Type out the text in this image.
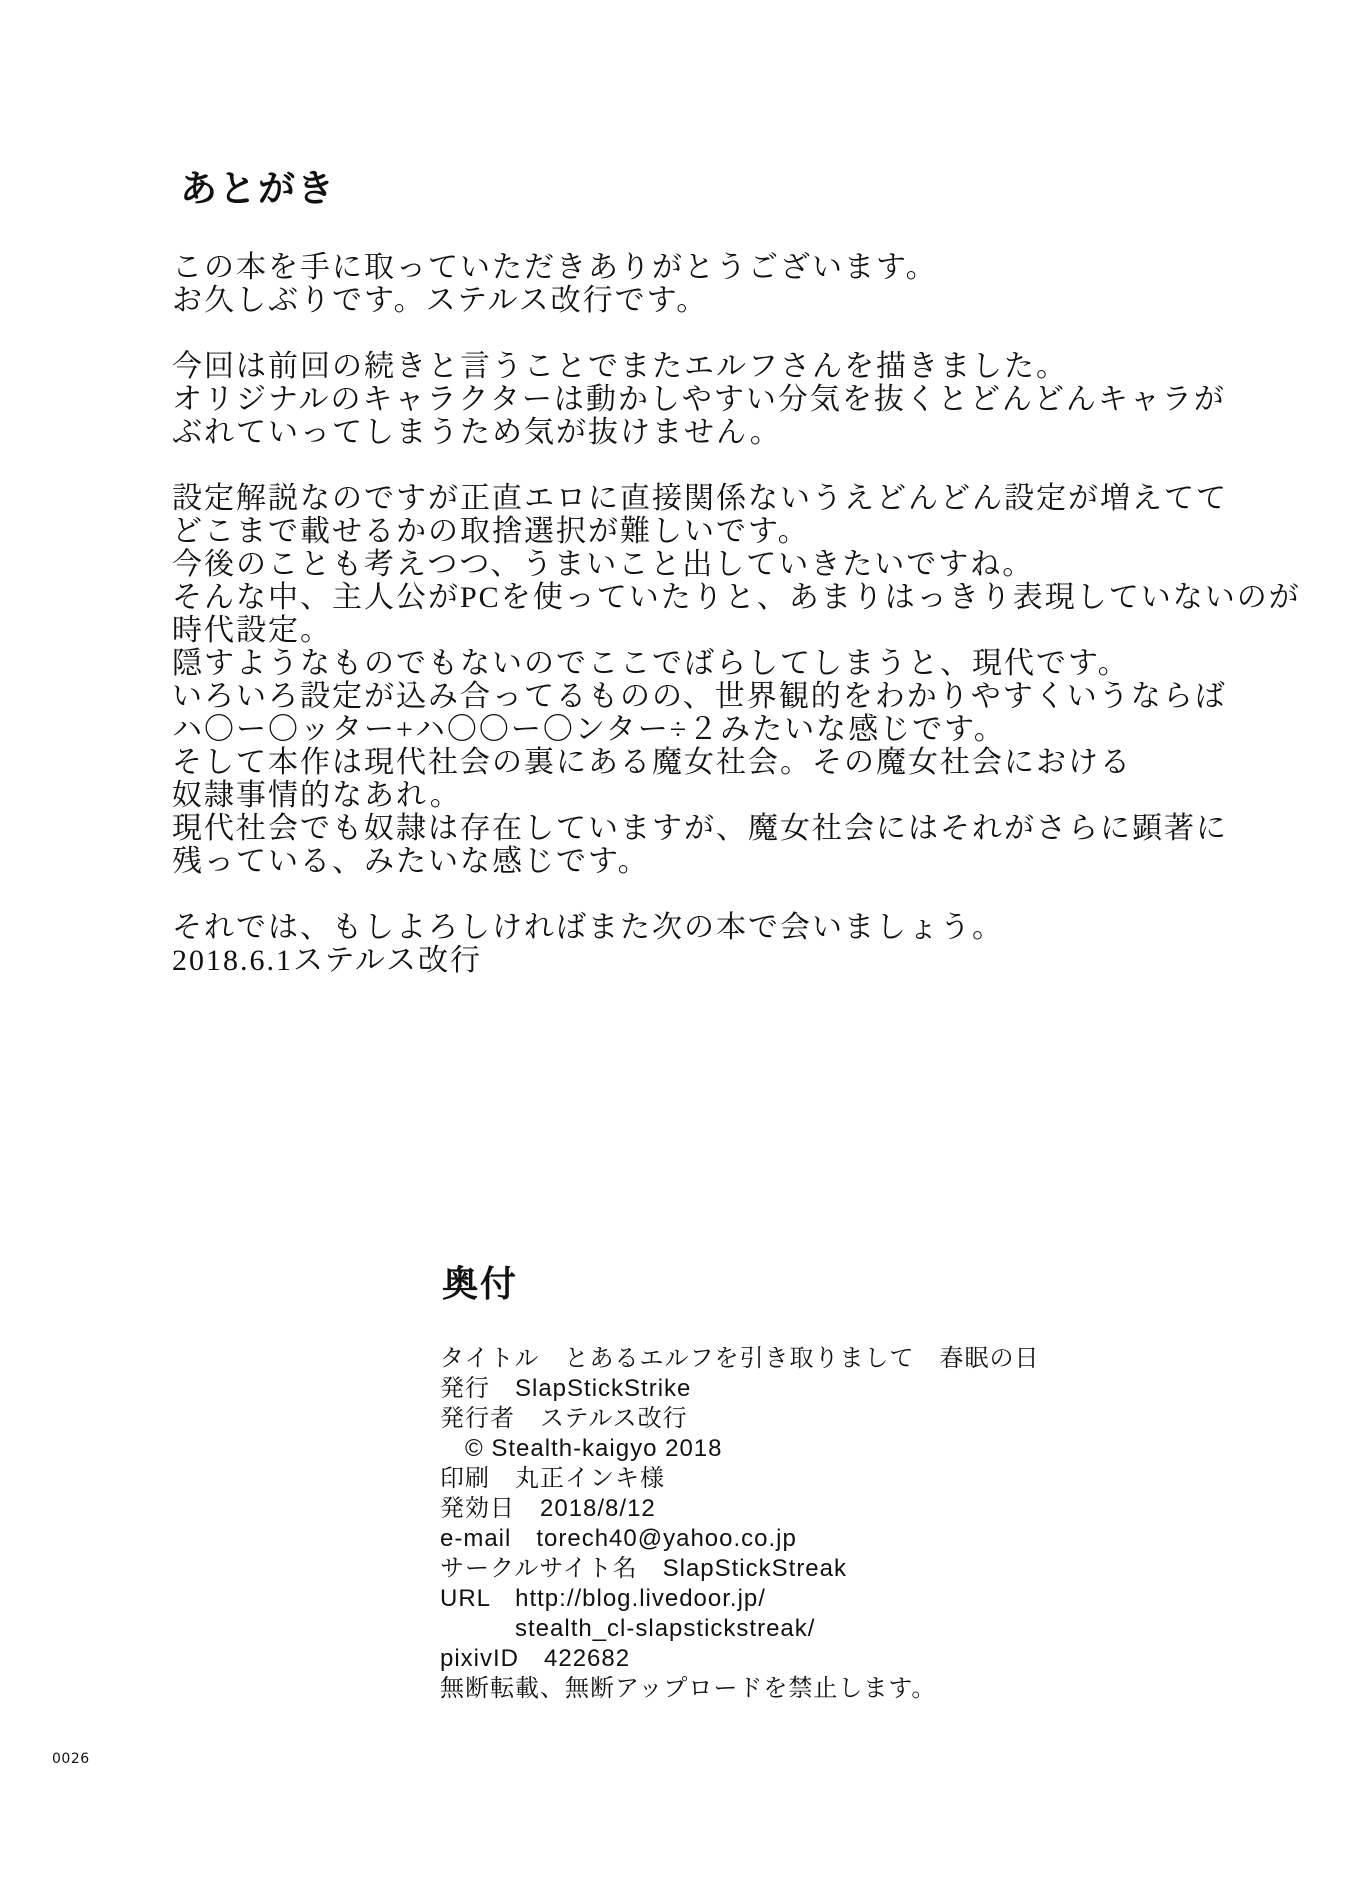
あとがき
この本を手に取っていただきありがとうございます。
お久しぶりです。ステルス改行です。
今回は前回の続きと言うことでまたエルフさんを描きました。
オリジナルのキャラクターは動かしやすい分気を抜くとどんどんキャラが
ぶれていってしまうため気が抜けません。
設定解説なのですが正直エロに直接関係ないうえどんどん設定が増えてて
どこまで載せるかの取捨選択が難しいです。
今後のことも考えつつ、うまいこと出していきたいですね。
そんな中、主人公がPCを使っていたりと、あまりはっきり表現していないのが
時代設定。
隠すようなものでもないのでここでばらしてしまうと、現代です。
いろいろ設定が込み合ってるものの、世界観的をわかりやすくいうならば
ハ〇ー〇ッター+ハ〇〇ー〇ンター÷２みたいな感じです。
そして本作は現代社会の裏にある魔女社会。その魔女社会における
奴隷事情的なあれ。
現代社会でも奴隷は存在していますが、魔女社会にはそれがさらに顕著に
残っている、みたいな感じです。
それでは、もしよろしければまた次の本で会いましょう。
2018.6.1ステルス改行
奥付
タイトル　とあるエルフを引き取りまして　春眠の日
発行　SlapStickStrike
発行者　ステルス改行
　© Stealth-kaigyo 2018
印刷　丸正インキ様
発効日　2018/8/12
e-mail　torech40@yahoo.co.jp
サークルサイト名　SlapStickStreak
URL　http://blog.livedoor.jp/
　　　stealth_cl-slapstickstreak/
pixivID　422682
無断転載、無断アップロードを禁止します。
0026
